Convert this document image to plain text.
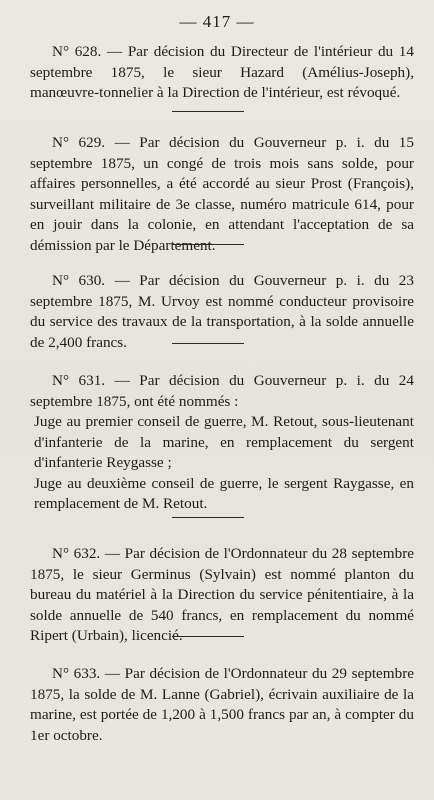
— 417 —

N° 628. — Par décision du Directeur de l'intérieur du 14 septembre 1875, le sieur Hazard (Amélius-Joseph), manœuvre-tonnelier à la Direction de l'intérieur, est révoqué.

N° 629. — Par décision du Gouverneur p. i. du 15 septembre 1875, un congé de trois mois sans solde, pour affaires personnelles, a été accordé au sieur Prost (François), surveillant militaire de 3e classe, numéro matricule 614, pour en jouir dans la colonie, en attendant l'acceptation de sa démission par le Département.

N° 630. — Par décision du Gouverneur p. i. du 23 septembre 1875, M. Urvoy est nommé conducteur provisoire du service des travaux de la transportation, à la solde annuelle de 2,400 francs.

N° 631. — Par décision du Gouverneur p. i. du 24 septembre 1875, ont été nommés :

Juge au premier conseil de guerre, M. Retout, sous-lieutenant d'infanterie de la marine, en remplacement du sergent d'infanterie Reygasse ;

Juge au deuxième conseil de guerre, le sergent Raygasse, en remplacement de M. Retout.

N° 632. — Par décision de l'Ordonnateur du 28 septembre 1875, le sieur Germinus (Sylvain) est nommé planton du bureau du matériel à la Direction du service pénitentiaire, à la solde annuelle de 540 francs, en remplacement du nommé Ripert (Urbain), licencié.

N° 633. — Par décision de l'Ordonnateur du 29 septembre 1875, la solde de M. Lanne (Gabriel), écrivain auxiliaire de la marine, est portée de 1,200 à 1,500 francs par an, à compter du 1er octobre.
